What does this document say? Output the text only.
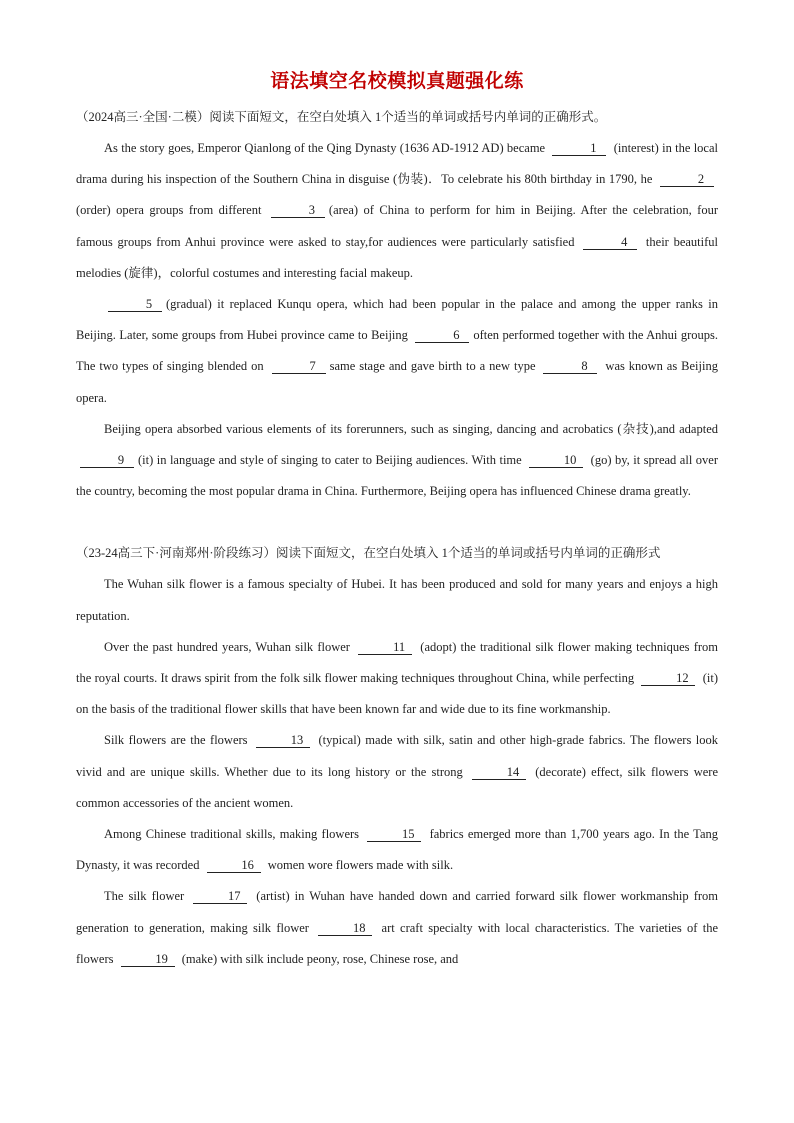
语法填空名校模拟真题强化练
（2024高三·全国·二模）阅读下面短文，在空白处填入 1个适当的单词或括号内单词的正确形式。

As the story goes, Emperor Qianlong of the Qing Dynasty (1636 AD-1912 AD) became	1 (interest) in the local drama during his inspection of the Southern China in disguise (伪装)．To celebrate his 80th birthday in 1790, he	2 (order) opera groups from different	3 (area) of China to perform for him in Beijing. After the celebration, four famous groups from Anhui province were asked to stay,for audiences were particularly satisfied	4 their beautiful melodies (旋律)，colorful costumes and interesting facial makeup.

5 (gradual) it replaced Kunqu opera, which had been popular in the palace and among the upper ranks in Beijing. Later, some groups from Hubei province came to Beijing	6 often performed together with the Anhui groups. The two types of singing blended on	7 same stage and gave birth to a new type	8 was known as Beijing opera.

Beijing opera absorbed various elements of its forerunners, such as singing, dancing and acrobatics (杂技),and adapted 9 (it) in language and style of singing to cater to Beijing audiences. With time	10 (go) by, it spread all over the country, becoming the most popular drama in China. Furthermore, Beijing opera has influenced Chinese drama greatly.

（23-24高三下·河南郑州·阶段练习）阅读下面短文，在空白处填入 1个适当的单词或括号内单词的正确形式

The Wuhan silk flower is a famous specialty of Hubei. It has been produced and sold for many years and enjoys a high reputation.

Over the past hundred years, Wuhan silk flower	11 (adopt) the traditional silk flower making techniques from the royal courts. It draws spirit from the folk silk flower making techniques throughout China, while perfecting	12 (it) on the basis of the traditional flower skills that have been known far and wide due to its fine workmanship.

Silk flowers are the flowers	13 (typical) made with silk, satin and other high-grade fabrics. The flowers look vivid and are unique skills. Whether due to its long history or the strong	14 (decorate) effect, silk flowers were common accessories of the ancient women.

Among Chinese traditional skills, making flowers	15 fabrics emerged more than 1,700 years ago. In the Tang Dynasty, it was recorded	16 women wore flowers made with silk.

The silk flower	17 (artist) in Wuhan have handed down and carried forward silk flower workmanship from generation to generation, making silk flower	18 art craft specialty with local characteristics. The varieties of the flowers	19 (make) with silk include peony, rose, Chinese rose, and
